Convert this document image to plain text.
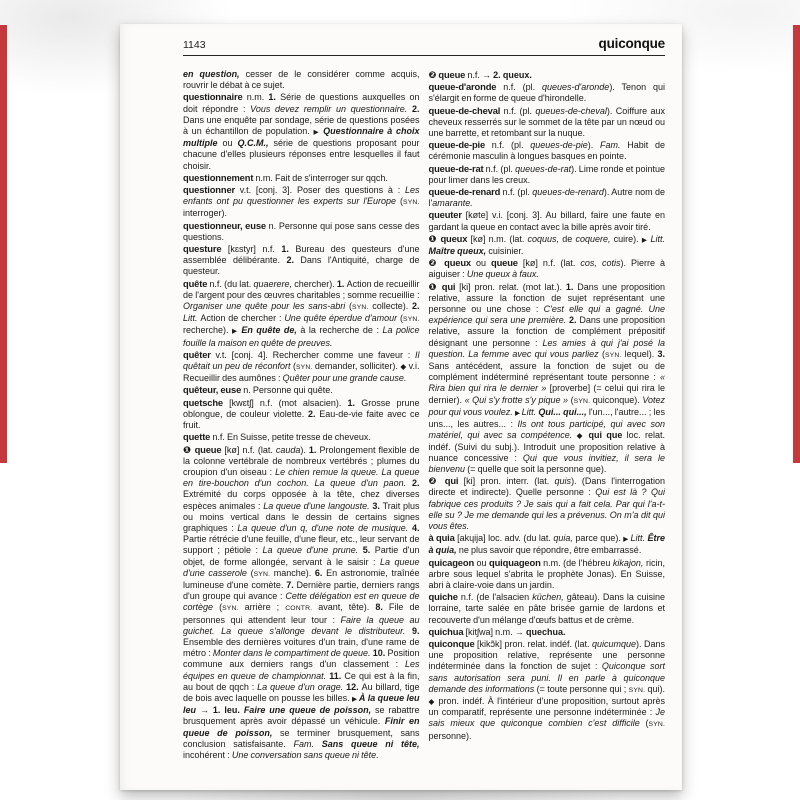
1143	quiconque

en question, cesser de le considérer comme acquis, rouvrir le débat à ce sujet.

questionnaire n.m. 1. Série de questions auxquelles on doit répondre : Vous devez remplir un questionnaire. 2. Dans une enquête par sondage, série de questions posées à un échantillon de population. ▶ Questionnaire à choix multiple ou Q.C.M., série de questions proposant pour chacune d'elles plusieurs réponses entre lesquelles il faut choisir.

questionnement n.m. Fait de s'interroger sur qqch.

questionner v.t. [conj. 3]. Poser des questions à : Les enfants ont pu questionner les experts sur l'Europe (SYN. interroger).

questionneur, euse n. Personne qui pose sans cesse des questions.

questure [kɛstyr] n.f. 1. Bureau des questeurs d'une assemblée délibérante. 2. Dans l'Antiquité, charge de questeur.

quête n.f. (du lat. quaerere, chercher). 1. Action de recueillir de l'argent pour des œuvres charitables ; somme recueillie : Organiser une quête pour les sans-abri (SYN. collecte). 2. Litt. Action de chercher : Une quête éperdue d'amour (SYN. recherche). ▶ En quête de, à la recherche de : La police fouille la maison en quête de preuves.

quêter v.t. [conj. 4]. Rechercher comme une faveur : Il quêtait un peu de réconfort (SYN. demander, solliciter). ◆ v.i. Recueillir des aumônes : Quêter pour une grande cause.

quêteur, euse n. Personne qui quête.

quetsche [kwɛtʃ] n.f. (mot alsacien). 1. Grosse prune oblongue, de couleur violette. 2. Eau-de-vie faite avec ce fruit.

quette n.f. En Suisse, petite tresse de cheveux.

❶ queue [kø] n.f. (lat. cauda). 1. Prolongement flexible de la colonne vertébrale de nombreux vertébrés ; plumes du croupion d'un oiseau : Le chien remue la queue. La queue en tire-bouchon d'un cochon. La queue d'un paon. 2. Extrémité du corps opposée à la tête, chez diverses espèces animales : La queue d'une langouste. 3. Trait plus ou moins vertical dans le dessin de certains signes graphiques : La queue d'un q, d'une note de musique. 4. Partie rétrécie d'une feuille, d'une fleur, etc., leur servant de support ; pétiole : La queue d'une prune. 5. Partie d'un objet, de forme allongée, servant à le saisir : La queue d'une casserole (SYN. manche). 6. En astronomie, traînée lumineuse d'une comète. 7. Dernière partie, derniers rangs d'un groupe qui avance : Cette délégation est en queue de cortège (SYN. arrière ; CONTR. avant, tête). 8. File de personnes qui attendent leur tour : Faire la queue au guichet. La queue s'allonge devant le distributeur. 9. Ensemble des dernières voitures d'un train, d'une rame de métro : Monter dans le compartiment de queue. 10. Position commune aux derniers rangs d'un classement : Les équipes en queue de championnat. 11. Ce qui est à la fin, au bout de qqch : La queue d'un orage. 12. Au billard, tige de bois avec laquelle on pousse les billes. ▶ À la queue leu leu → 1. leu. Faire une queue de poisson, se rabattre brusquement après avoir dépassé un véhicule. Finir en queue de poisson, se terminer brusquement, sans conclusion satisfaisante. Fam. Sans queue ni tête, incohérent : Une conversation sans queue ni tête.

❷ queue n.f. → 2. queux.

queue-d'aronde n.f. (pl. queues-d'aronde). Tenon qui s'élargit en forme de queue d'hirondelle.

queue-de-cheval n.f. (pl. queues-de-cheval). Coiffure aux cheveux resserrés sur le sommet de la tête par un nœud ou une barrette, et retombant sur la nuque.

queue-de-pie n.f. (pl. queues-de-pie). Fam. Habit de cérémonie masculin à longues basques en pointe.

queue-de-rat n.f. (pl. queues-de-rat). Lime ronde et pointue pour limer dans les creux.

queue-de-renard n.f. (pl. queues-de-renard). Autre nom de l'amarante.

queuter [køte] v.i. [conj. 3]. Au billard, faire une faute en gardant la queue en contact avec la bille après avoir tiré.

❶ queux [kø] n.m. (lat. coquus, de coquere, cuire). ▶ Litt. Maître queux, cuisinier.

❷ queux ou queue [kø] n.f. (lat. cos, cotis). Pierre à aiguiser : Une queux à faux.

❶ qui [ki] pron. relat. (mot lat.). 1. Dans une proposition relative, assure la fonction de sujet représentant une personne ou une chose : C'est elle qui a gagné. Une expérience qui sera une première. 2. Dans une proposition relative, assure la fonction de complément prépositif désignant une personne : Les amies à qui j'ai posé la question. La femme avec qui vous parliez (SYN. lequel). 3. Sans antécédent, assure la fonction de sujet ou de complément indéterminé représentant toute personne : « Rira bien qui rira le dernier » [proverbe] (= celui qui rira le dernier). « Qui s'y frotte s'y pique » (SYN. quiconque). Votez pour qui vous voulez. ▶ Litt. Qui... qui..., l'un..., l'autre... ; les uns..., les autres... : Ils ont tous participé, qui avec son matériel, qui avec sa compétence. ◆ qui que loc. relat. indéf. (Suivi du subj.). Introduit une proposition relative à nuance concessive : Qui que vous invitiez, il sera le bienvenu (= quelle que soit la personne que).

❷ qui [ki] pron. interr. (lat. quis). (Dans l'interrogation directe et indirecte). Quelle personne : Qui est là ? Qui fabrique ces produits ? Je sais qui a fait cela. Par qui l'a-t-elle su ? Je me demande qui les a prévenus. On m'a dit qui vous êtes.

à quia [akɥija] loc. adv. (du lat. quia, parce que). ▶ Litt. Être à quia, ne plus savoir que répondre, être embarrassé.

quicageon ou quiquageon n.m. (de l'hébreu kikajon, ricin, arbre sous lequel s'abrita le prophète Jonas). En Suisse, abri à claire-voie dans un jardin.

quiche n.f. (de l'alsacien küchen, gâteau). Dans la cuisine lorraine, tarte salée en pâte brisée garnie de lardons et recouverte d'un mélange d'œufs battus et de crème.

quichua [kitʃwa] n.m. → quechua.

quiconque [kikɔ̃k] pron. relat. indéf. (lat. quicumque). Dans une proposition relative, représente une personne indéterminée dans la fonction de sujet : Quiconque sort sans autorisation sera puni. Il en parle à quiconque demande des informations (= toute personne qui ; SYN. qui). ◆ pron. indéf. À l'intérieur d'une proposition, surtout après un comparatif, représente une personne indéterminée : Je sais mieux que quiconque combien c'est difficile (SYN. personne).
